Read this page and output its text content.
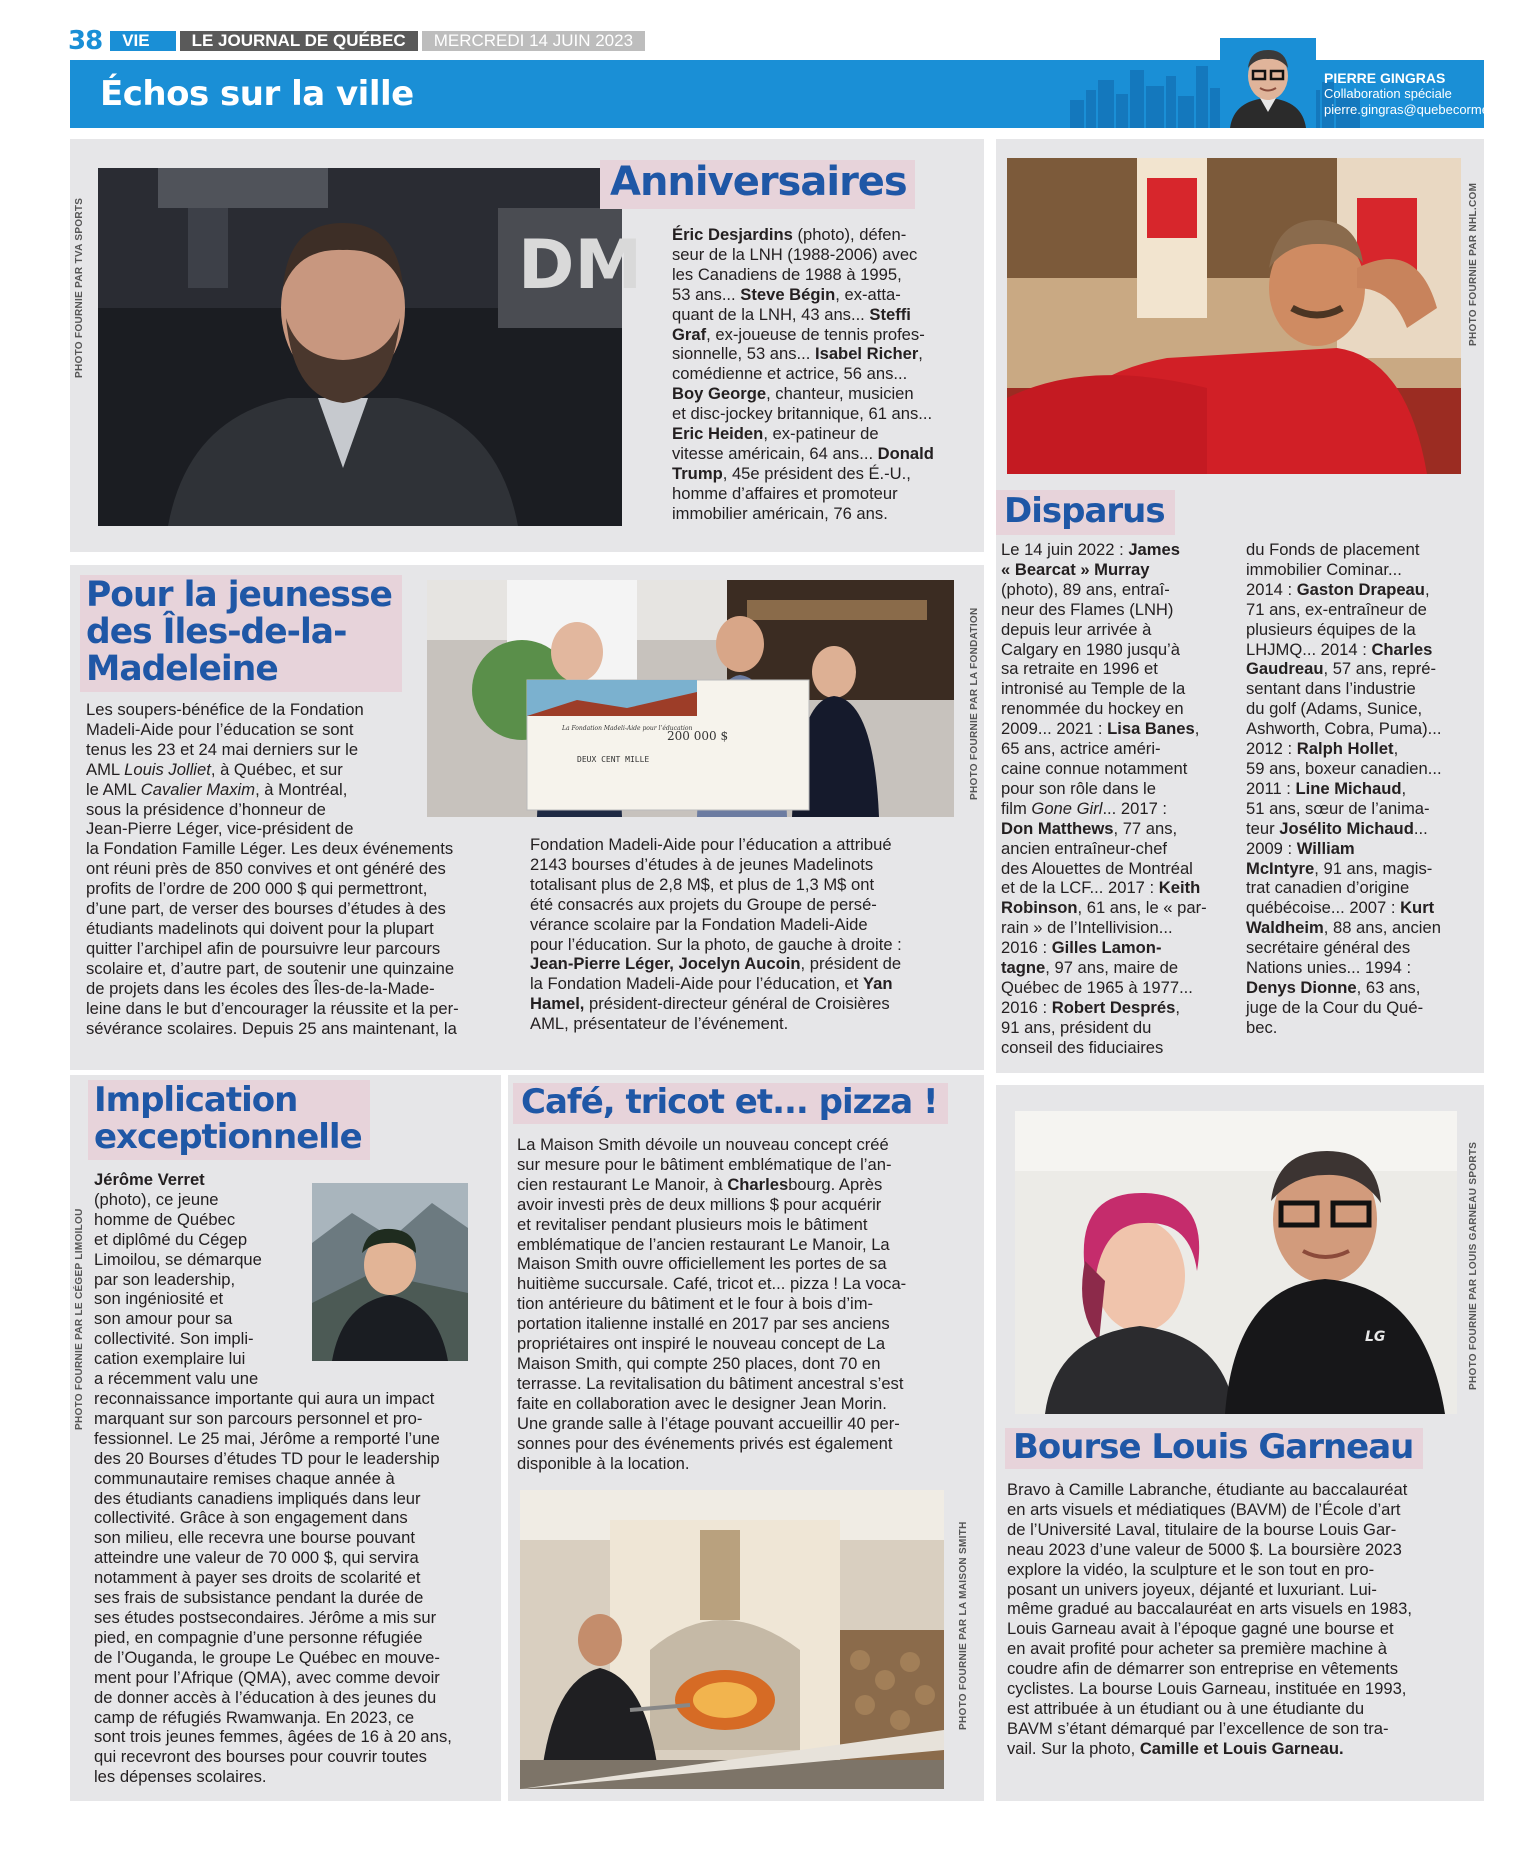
38	VIE	LE JOURNAL DE QUÉBEC	MERCREDI 14 JUIN 2023
Échos sur la ville	PIERRE GINGRAS
Collaboration spéciale
pierre.gingras@quebecormedia.com
PHOTO FOURNIE PAR TVA SPORTS	DM
Anniversaires
Éric Desjardins (photo), défen-
seur de la LNH (1988-2006) avec
les Canadiens de 1988 à 1995,
53 ans... Steve Bégin, ex-atta-
quant de la LNH, 43 ans... Steffi
Graf, ex-joueuse de tennis profes-
sionnelle, 53 ans... Isabel Richer,
comédienne et actrice, 56 ans...
Boy George, chanteur, musicien
et disc-jockey britannique, 61 ans...
Eric Heiden, ex-patineur de
vitesse américain, 64 ans... Donald
Trump, 45e président des É.-U.,
homme d’affaires et promoteur
immobilier américain, 76 ans.
PHOTO FOURNIE PAR NHL.COM
Disparus
Le 14 juin 2022 : James
« Bearcat » Murray
(photo), 89 ans, entraî-
neur des Flames (LNH)
depuis leur arrivée à
Calgary en 1980 jusqu’à
sa retraite en 1996 et
intronisé au Temple de la
renommée du hockey en
2009... 2021 : Lisa Banes,
65 ans, actrice améri-
caine connue notamment
pour son rôle dans le
film Gone Girl... 2017 :
Don Matthews, 77 ans,
ancien entraîneur-chef
des Alouettes de Montréal
et de la LCF... 2017 : Keith
Robinson, 61 ans, le « par-
rain » de l’Intellivision...
2016 : Gilles Lamon-
tagne, 97 ans, maire de
Québec de 1965 à 1977...
2016 : Robert Després,
91 ans, président du
conseil des fiduciaires
du Fonds de placement
immobilier Cominar...
2014 : Gaston Drapeau,
71 ans, ex-entraîneur de
plusieurs équipes de la
LHJMQ... 2014 : Charles
Gaudreau, 57 ans, repré-
sentant dans l’industrie
du golf (Adams, Sunice,
Ashworth, Cobra, Puma)...
2012 : Ralph Hollet,
59 ans, boxeur canadien...
2011 : Line Michaud,
51 ans, sœur de l’anima-
teur Josélito Michaud...
2009 : William
McIntyre, 91 ans, magis-
trat canadien d’origine
québécoise... 2007 : Kurt
Waldheim, 88 ans, ancien
secrétaire général des
Nations unies... 1994 :
Denys Dionne, 63 ans,
juge de la Cour du Qué-
bec.
PHOTO FOURNIE PAR LA FONDATION
200 000 $
DEUX CENT MILLE
La Fondation Madeli-Aide pour l’éducation
Pour la jeunesse
des Îles-de-la-
Madeleine
Les soupers-bénéfice de la Fondation
Madeli-Aide pour l’éducation se sont
tenus les 23 et 24 mai derniers sur le
AML Louis Jolliet, à Québec, et sur
le AML Cavalier Maxim, à Montréal,
sous la présidence d’honneur de
Jean-Pierre Léger, vice-président de
la Fondation Famille Léger. Les deux événements
ont réuni près de 850 convives et ont généré des
profits de l’ordre de 200 000 $ qui permettront,
d’une part, de verser des bourses d’études à des
étudiants madelinots qui doivent pour la plupart
quitter l’archipel afin de poursuivre leur parcours
scolaire et, d’autre part, de soutenir une quinzaine
de projets dans les écoles des Îles-de-la-Made-
leine dans le but d’encourager la réussite et la per-
sévérance scolaires. Depuis 25 ans maintenant, la
Fondation Madeli-Aide pour l’éducation a attribué
2143 bourses d’études à de jeunes Madelinots
totalisant plus de 2,8 M$, et plus de 1,3 M$ ont
été consacrés aux projets du Groupe de persé-
vérance scolaire par la Fondation Madeli-Aide
pour l’éducation. Sur la photo, de gauche à droite :
Jean-Pierre Léger, Jocelyn Aucoin, président de
la Fondation Madeli-Aide pour l’éducation, et Yan
Hamel, président-directeur général de Croisières
AML, présentateur de l’événement.
PHOTO FOURNIE PAR LE CÉGEP LIMOILOU
Implication
exceptionnelle
Jérôme Verret
(photo), ce jeune
homme de Québec
et diplômé du Cégep
Limoilou, se démarque
par son leadership,
son ingéniosité et
son amour pour sa
collectivité. Son impli-
cation exemplaire lui
a récemment valu une
reconnaissance importante qui aura un impact
marquant sur son parcours personnel et pro-
fessionnel. Le 25 mai, Jérôme a remporté l’une
des 20 Bourses d’études TD pour le leadership
communautaire remises chaque année à
des étudiants canadiens impliqués dans leur
collectivité. Grâce à son engagement dans
son milieu, elle recevra une bourse pouvant
atteindre une valeur de 70 000 $, qui servira
notamment à payer ses droits de scolarité et
ses frais de subsistance pendant la durée de
ses études postsecondaires. Jérôme a mis sur
pied, en compagnie d’une personne réfugiée
de l’Ouganda, le groupe Le Québec en mouve-
ment pour l’Afrique (QMA), avec comme devoir
de donner accès à l’éducation à des jeunes du
camp de réfugiés Rwamwanja. En 2023, ce
sont trois jeunes femmes, âgées de 16 à 20 ans,
qui recevront des bourses pour couvrir toutes
les dépenses scolaires.
PHOTO FOURNIE PAR LA MAISON SMITH
Café, tricot et... pizza !
La Maison Smith dévoile un nouveau concept créé
sur mesure pour le bâtiment emblématique de l’an-
cien restaurant Le Manoir, à Charlesbourg. Après
avoir investi près de deux millions $ pour acquérir
et revitaliser pendant plusieurs mois le bâtiment
emblématique de l’ancien restaurant Le Manoir, La
Maison Smith ouvre officiellement les portes de sa
huitième succursale. Café, tricot et... pizza ! La voca-
tion antérieure du bâtiment et le four à bois d’im-
portation italienne installé en 2017 par ses anciens
propriétaires ont inspiré le nouveau concept de La
Maison Smith, qui compte 250 places, dont 70 en
terrasse. La revitalisation du bâtiment ancestral s’est
faite en collaboration avec le designer Jean Morin.
Une grande salle à l’étage pouvant accueillir 40 per-
sonnes pour des événements privés est également
disponible à la location.
PHOTO FOURNIE PAR LOUIS GARNEAU SPORTS
LG
Bourse Louis Garneau
Bravo à Camille Labranche, étudiante au baccalauréat
en arts visuels et médiatiques (BAVM) de l’École d’art
de l’Université Laval, titulaire de la bourse Louis Gar-
neau 2023 d’une valeur de 5000 $. La boursière 2023
explore la vidéo, la sculpture et le son tout en pro-
posant un univers joyeux, déjanté et luxuriant. Lui-
même gradué au baccalauréat en arts visuels en 1983,
Louis Garneau avait à l’époque gagné une bourse et
en avait profité pour acheter sa première machine à
coudre afin de démarrer son entreprise en vêtements
cyclistes. La bourse Louis Garneau, instituée en 1993,
est attribuée à un étudiant ou à une étudiante du
BAVM s’étant démarqué par l’excellence de son tra-
vail. Sur la photo, Camille et Louis Garneau.
